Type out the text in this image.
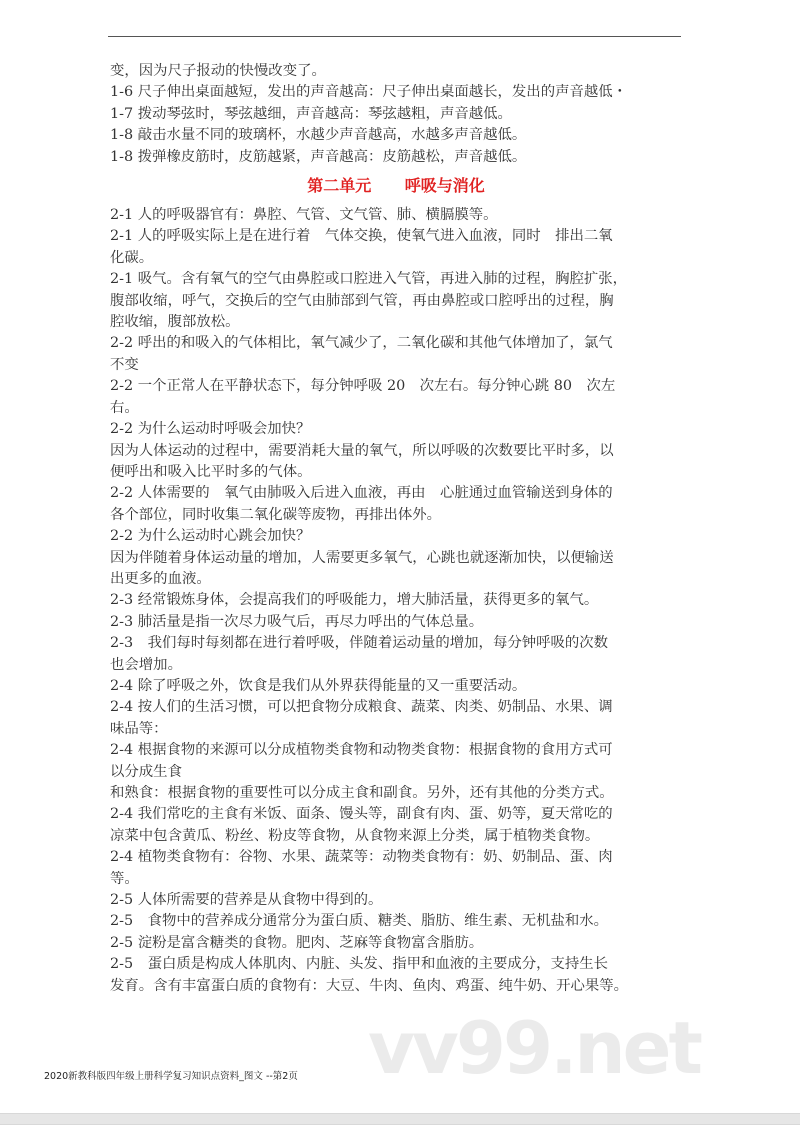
vv99.net
变，因为尺子报动的快慢改变了。
1-6 尺子伸出桌面越短，发出的声音越高：尺子伸出桌面越长，发出的声音越低・
1-7 拨动琴弦时，琴弦越细，声音越高：琴弦越粗，声音越低。
1-8 敲击水量不同的玻璃杯，水越少声音越高，水越多声音越低。
1-8 拨弹橡皮筋时，皮筋越紧，声音越高：皮筋越松，声音越低。
第二单元 呼吸与消化
2-1 人的呼吸器官有：鼻腔、气管、文气管、肺、横膈膜等。
2-1 人的呼吸实际上是在进行着　气体交换，使氧气进入血液，同时　排出二氧
化碳。
2-1 吸气。含有氧气的空气由鼻腔或口腔进入气管，再进入肺的过程，胸腔扩张，
腹部收缩，呼气，交换后的空气由肺部到气管，再由鼻腔或口腔呼出的过程，胸
腔收缩，腹部放松。
2-2 呼出的和吸入的气体相比，氧气减少了，二氧化碳和其他气体增加了，氯气
不变
2-2 一个正常人在平静状态下，每分钟呼吸 20　次左右。每分钟心跳 80　次左
右。
2-2 为什么运动时呼吸会加快？
因为人体运动的过程中，需要消耗大量的氧气，所以呼吸的次数要比平时多，以
便呼出和吸入比平时多的气体。
2-2 人体需要的　氧气由肺吸入后进入血液，再由　心脏通过血管输送到身体的
各个部位，同时收集二氧化碳等废物，再排出体外。
2-2 为什么运动时心跳会加快？
因为伴随着身体运动量的增加，人需要更多氧气，心跳也就逐渐加快，以便输送
出更多的血液。
2-3 经常锻炼身体，会提高我们的呼吸能力，增大肺活量，获得更多的氧气。
2-3 肺活量是指一次尽力吸气后，再尽力呼出的气体总量。
2-3　我们每时每刻都在进行着呼吸，伴随着运动量的增加，每分钟呼吸的次数
也会增加。
2-4 除了呼吸之外，饮食是我们从外界获得能量的又一重要活动。
2-4 按人们的生活习惯，可以把食物分成粮食、蔬菜、肉类、奶制品、水果、调
味品等：
2-4 根据食物的来源可以分成植物类食物和动物类食物：根据食物的食用方式可
以分成生食
和熟食：根据食物的重要性可以分成主食和副食。另外，还有其他的分类方式。
2-4 我们常吃的主食有米饭、面条、馒头等，副食有肉、蛋、奶等，夏天常吃的
凉菜中包含黄瓜、粉丝、粉皮等食物，从食物来源上分类，属于植物类食物。
2-4 植物类食物有：谷物、水果、蔬菜等：动物类食物有：奶、奶制品、蛋、肉
等。
2-5 人体所需要的营养是从食物中得到的。
2-5　食物中的营养成分通常分为蛋白质、糖类、脂肪、维生素、无机盐和水。
2-5 淀粉是富含糖类的食物。肥肉、芝麻等食物富含脂肪。
2-5　蛋白质是构成人体肌肉、内脏、头发、指甲和血液的主要成分，支持生长
发育。含有丰富蛋白质的食物有：大豆、牛肉、鱼肉、鸡蛋、纯牛奶、开心果等。
2020新教科版四年级上册科学复习知识点资料_图文 --第2页
